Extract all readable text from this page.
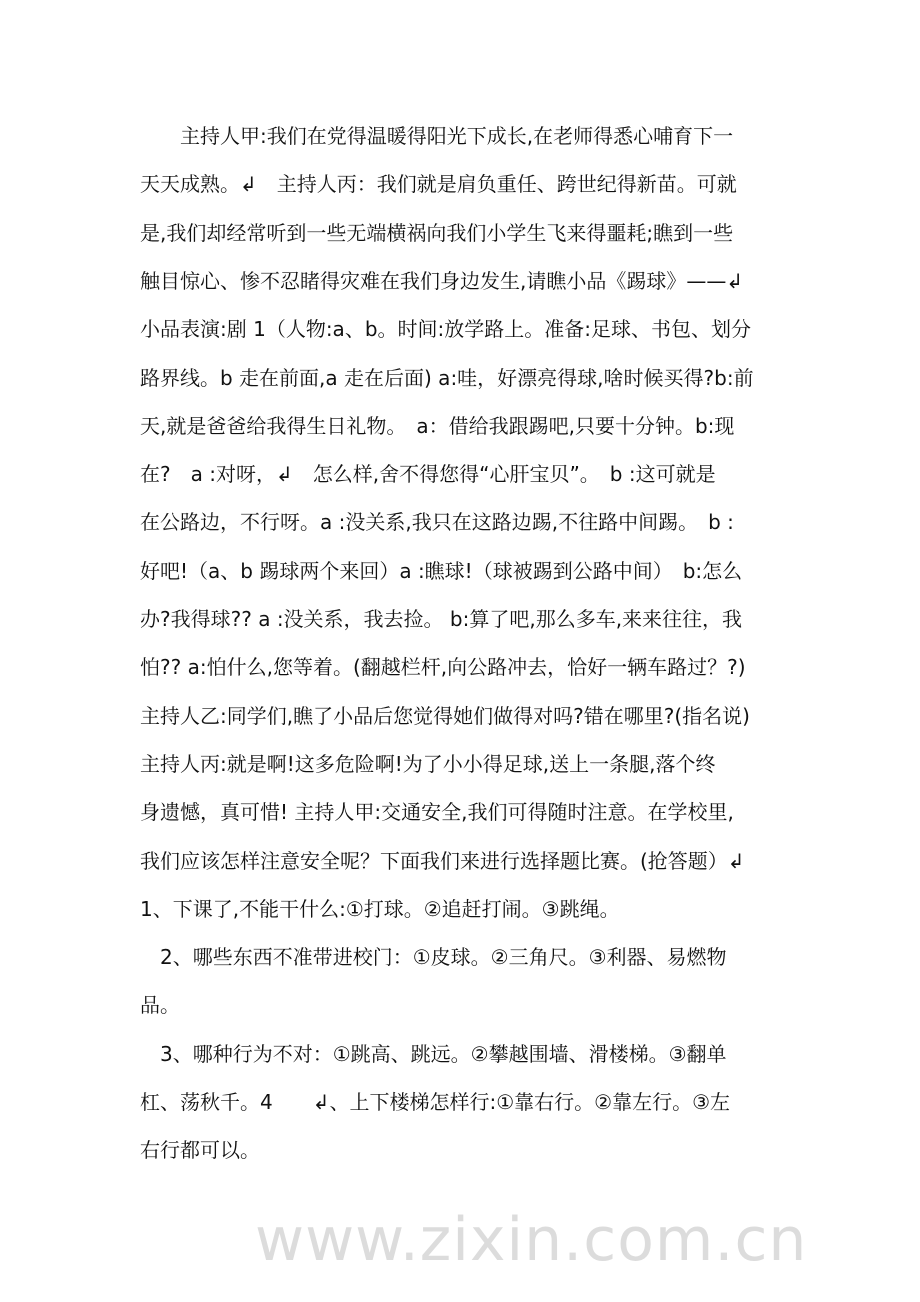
www.zixin.com.cn
　　主持人甲:我们在党得温暖得阳光下成长,在老师得悉心哺育下一
天天成熟。↲　主持人丙：我们就是肩负重任、跨世纪得新苗。可就
是,我们却经常听到一些无端横祸向我们小学生飞来得噩耗;瞧到一些
触目惊心、惨不忍睹得灾难在我们身边发生,请瞧小品《踢球》——↲
小品表演:剧 1（人物:a、b。时间:放学路上。准备:足球、书包、划分
路界线。b 走在前面,a 走在后面) a:哇，好漂亮得球,啥时候买得?b:前
天,就是爸爸给我得生日礼物。　a：借给我跟踢吧,只要十分钟。b:现
在?　a :对呀，↲　怎么样,舍不得您得“心肝宝贝”。　b :这可就是
在公路边，不行呀。a :没关系,我只在这路边踢,不往路中间踢。　b :
好吧!（a、b 踢球两个来回）a :瞧球!（球被踢到公路中间）　b:怎么
办?我得球?? a :没关系，我去捡。 b:算了吧,那么多车,来来往往，我
怕?? a:怕什么,您等着。(翻越栏杆,向公路冲去，恰好一辆车路过？?)
主持人乙:同学们,瞧了小品后您觉得她们做得对吗?错在哪里?(指名说)
主持人丙:就是啊!这多危险啊!为了小小得足球,送上一条腿,落个终
身遗憾，真可惜! 主持人甲:交通安全,我们可得随时注意。在学校里,
我们应该怎样注意安全呢？下面我们来进行选择题比赛。(抢答题）↲
1、下课了,不能干什么:①打球。②追赶打闹。③跳绳。
　2、哪些东西不准带进校门：①皮球。②三角尺。③利器、易燃物
品。
　3、哪种行为不对：①跳高、跳远。②攀越围墙、滑楼梯。③翻单
杠、荡秋千。4　　↲、上下楼梯怎样行:①靠右行。②靠左行。③左
右行都可以。
